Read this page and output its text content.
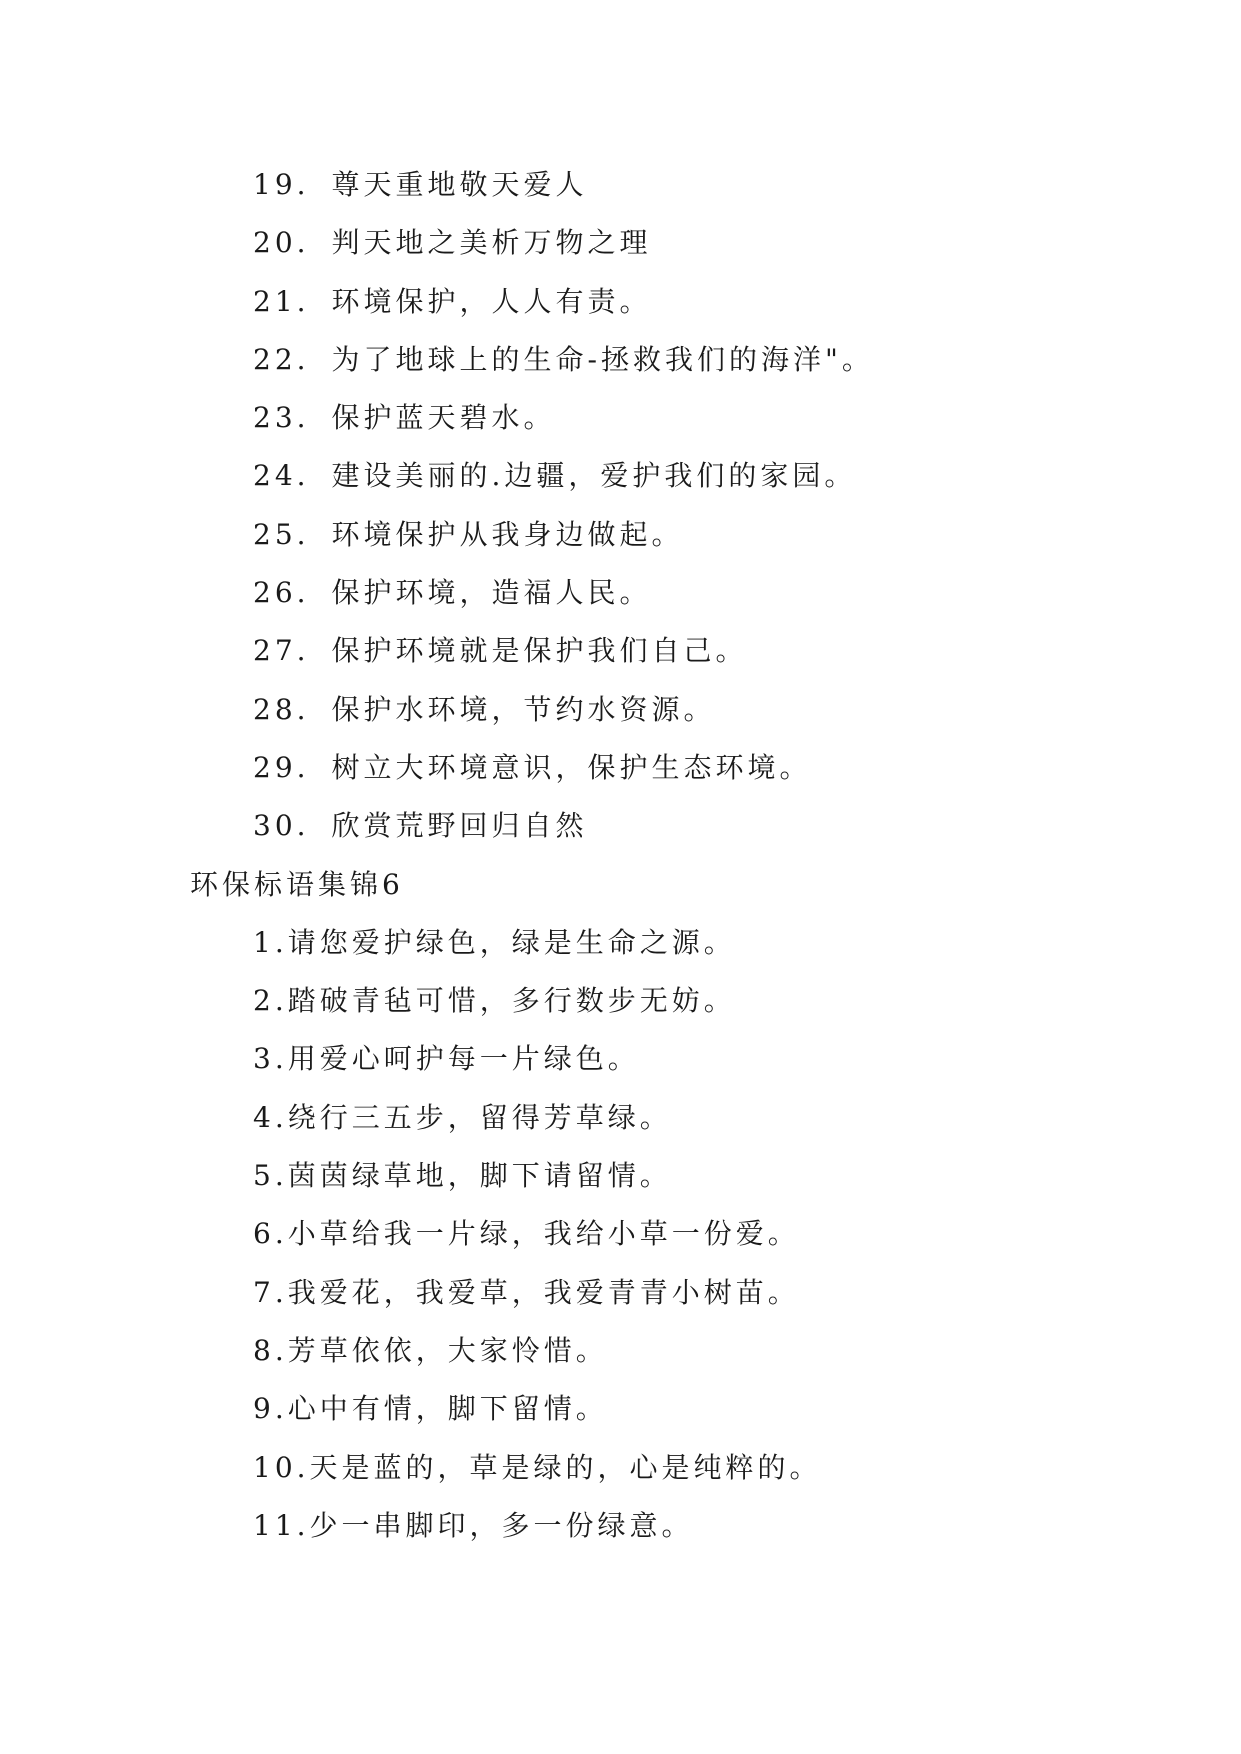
19. 尊天重地敬天爱人
20. 判天地之美析万物之理
21. 环境保护，人人有责。
22. 为了地球上的生命-拯救我们的海洋"。
23. 保护蓝天碧水。
24. 建设美丽的.边疆，爱护我们的家园。
25. 环境保护从我身边做起。
26. 保护环境，造福人民。
27. 保护环境就是保护我们自己。
28. 保护水环境，节约水资源。
29. 树立大环境意识，保护生态环境。
30. 欣赏荒野回归自然
环保标语集锦6
1.请您爱护绿色，绿是生命之源。
2.踏破青毡可惜，多行数步无妨。
3.用爱心呵护每一片绿色。
4.绕行三五步，留得芳草绿。
5.茵茵绿草地，脚下请留情。
6.小草给我一片绿，我给小草一份爱。
7.我爱花，我爱草，我爱青青小树苗。
8.芳草依依，大家怜惜。
9.心中有情，脚下留情。
10.天是蓝的，草是绿的，心是纯粹的。
11.少一串脚印，多一份绿意。
